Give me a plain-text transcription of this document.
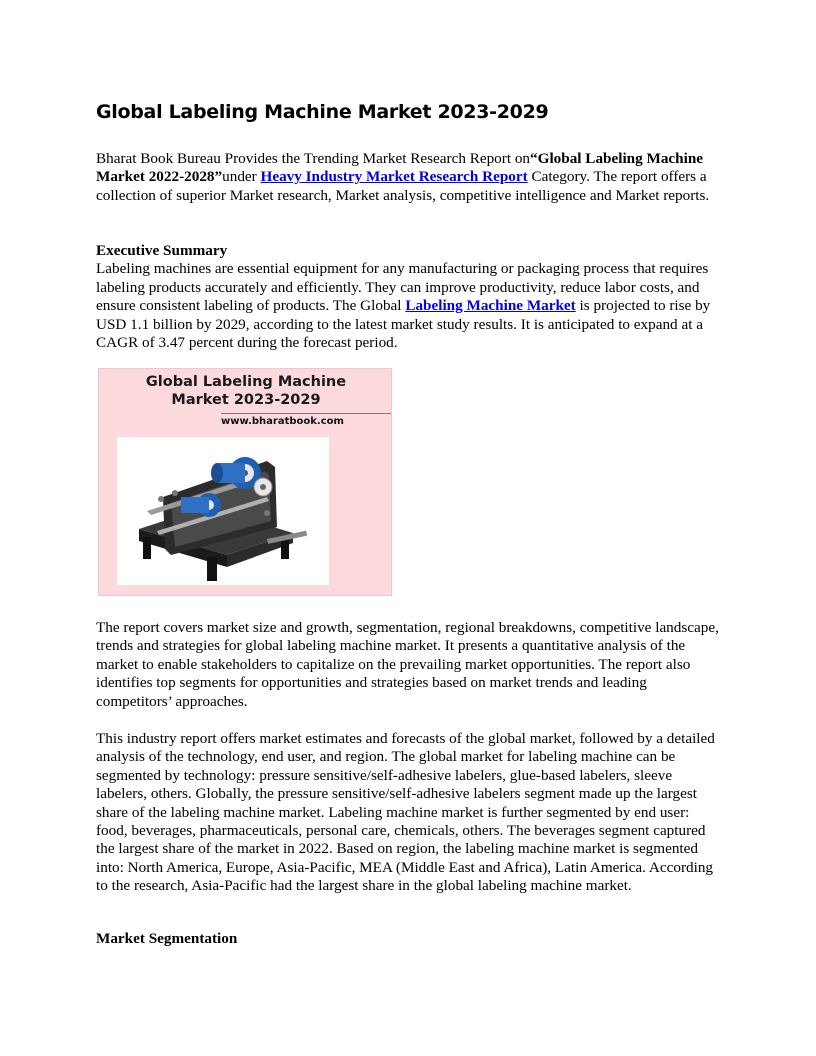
Global Labeling Machine Market 2023-2029

Bharat Book Bureau Provides the Trending Market Research Report on“Global Labeling Machine Market 2022-2028”under Heavy Industry Market Research Report Category. The report offers a collection of superior Market research, Market analysis, competitive intelligence and Market reports.

Executive Summary
Labeling machines are essential equipment for any manufacturing or packaging process that requires labeling products accurately and efficiently. They can improve productivity, reduce labor costs, and ensure consistent labeling of products. The Global Labeling Machine Market is projected to rise by USD 1.1 billion by 2029, according to the latest market study results. It is anticipated to expand at a CAGR of 3.47 percent during the forecast period.
Global Labeling Machine
Market 2023-2029
www.bharatbook.com

The report covers market size and growth, segmentation, regional breakdowns, competitive landscape, trends and strategies for global labeling machine market. It presents a quantitative analysis of the market to enable stakeholders to capitalize on the prevailing market opportunities. The report also identifies top segments for opportunities and strategies based on market trends and leading competitors’ approaches.

This industry report offers market estimates and forecasts of the global market, followed by a detailed analysis of the technology, end user, and region. The global market for labeling machine can be segmented by technology: pressure sensitive/self-adhesive labelers, glue-based labelers, sleeve labelers, others. Globally, the pressure sensitive/self-adhesive labelers segment made up the largest share of the labeling machine market. Labeling machine market is further segmented by end user: food, beverages, pharmaceuticals, personal care, chemicals, others. The beverages segment captured the largest share of the market in 2022. Based on region, the labeling machine market is segmented into: North America, Europe, Asia-Pacific, MEA (Middle East and Africa), Latin America. According to the research, Asia-Pacific had the largest share in the global labeling machine market.

Market Segmentation
